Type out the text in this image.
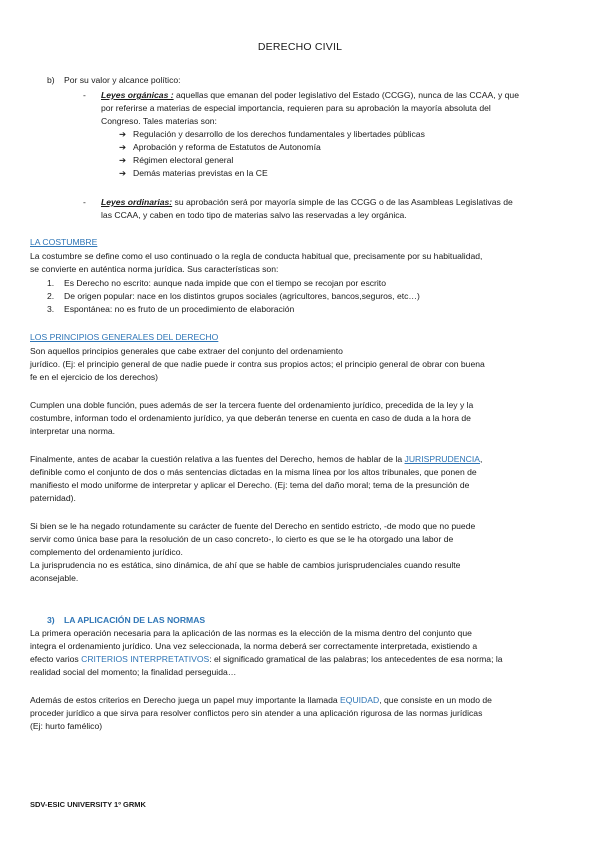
DERECHO CIVIL
b)	Por su valor y alcance político:
-	Leyes orgánicas : aquellas que emanan del poder legislativo del Estado (CCGG), nunca de las CCAA, y que
por referirse a materias de especial importancia, requieren para su aprobación la mayoría absoluta del
Congreso. Tales materias son:
➔ Regulación y desarrollo de los derechos fundamentales y libertades públicas
➔ Aprobación y reforma de Estatutos de Autonomía
➔ Régimen electoral general
➔ Demás materias previstas en la CE
-	Leyes ordinarias: su aprobación será por mayoría simple de las CCGG o de las Asambleas Legislativas de
las CCAA, y caben en todo tipo de materias salvo las reservadas a ley orgánica.
LA COSTUMBRE
La costumbre se define como el uso continuado o la regla de conducta habitual que, precisamente por su habitualidad,
se convierte en auténtica norma jurídica. Sus características son:
1.	Es Derecho no escrito: aunque nada impide que con el tiempo se recojan por escrito
2.	De origen popular: nace en los distintos grupos sociales (agricultores, bancos,seguros, etc…)
3.	Espontánea: no es fruto de un procedimiento de elaboración
LOS PRINCIPIOS GENERALES DEL DERECHO
Son aquellos principios generales que cabe extraer del conjunto del ordenamiento
jurídico. (Ej: el principio general de que nadie puede ir contra sus propios actos; el principio general de obrar con buena
fe en el ejercicio de los derechos)
Cumplen una doble función, pues además de ser la tercera fuente del ordenamiento jurídico, precedida de la ley y la
costumbre, informan todo el ordenamiento jurídico, ya que deberán tenerse en cuenta en caso de duda a la hora de
interpretar una norma.
Finalmente, antes de acabar la cuestión relativa a las fuentes del Derecho, hemos de hablar de la JURISPRUDENCIA,
definible como el conjunto de dos o más sentencias dictadas en la misma línea por los altos tribunales, que ponen de
manifiesto el modo uniforme de interpretar y aplicar el Derecho. (Ej: tema del daño moral; tema de la presunción de
paternidad).
Si bien se le ha negado rotundamente su carácter de fuente del Derecho en sentido estricto, -de modo que no puede
servir como única base para la resolución de un caso concreto-, lo cierto es que se le ha otorgado una labor de
complemento del ordenamiento jurídico.
La jurisprudencia no es estática, sino dinámica, de ahí que se hable de cambios jurisprudenciales cuando resulte
aconsejable.
3)	LA APLICACIÓN DE LAS NORMAS
La primera operación necesaria para la aplicación de las normas es la elección de la misma dentro del conjunto que
integra el ordenamiento jurídico. Una vez seleccionada, la norma deberá ser correctamente interpretada, existiendo a
efecto varios CRITERIOS INTERPRETATIVOS: el significado gramatical de las palabras; los antecedentes de esa norma; la
realidad social del momento; la finalidad perseguida…
Además de estos criterios en Derecho juega un papel muy importante la llamada EQUIDAD, que consiste en un modo de
proceder jurídico a que sirva para resolver conflictos pero sin atender a una aplicación rigurosa de las normas jurídicas
(Ej: hurto famélico)
SDV-ESIC UNIVERSITY 1º GRMK
